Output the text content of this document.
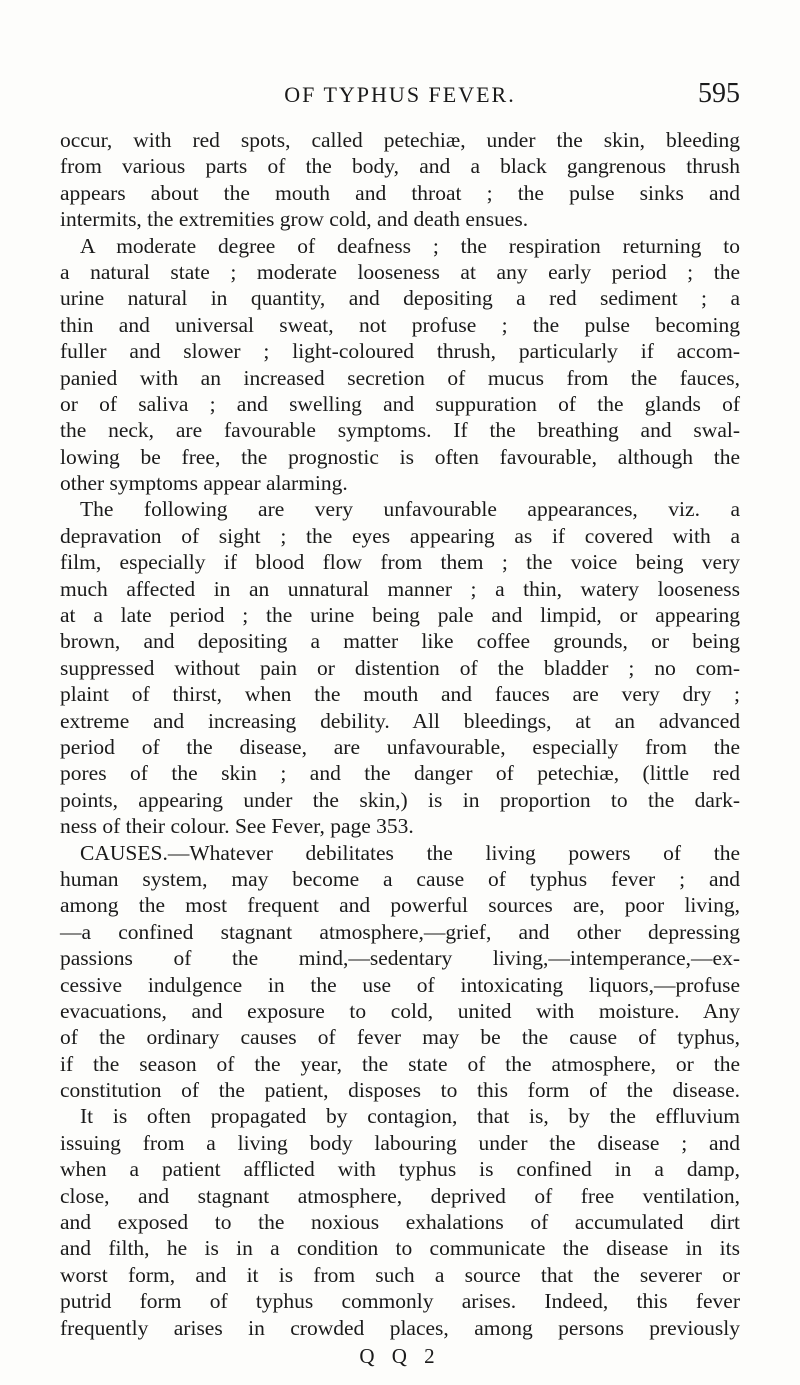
OF TYPHUS FEVER.	595
occur, with red spots, called petechiæ, under the skin, bleeding
from various parts of the body, and a black gangrenous thrush
appears about the mouth and throat ; the pulse sinks and
intermits, the extremities grow cold, and death ensues.
A moderate degree of deafness ; the respiration returning to
a natural state ; moderate looseness at any early period ; the
urine natural in quantity, and depositing a red sediment ; a
thin and universal sweat, not profuse ; the pulse becoming
fuller and slower ; light-coloured thrush, particularly if accom-
panied with an increased secretion of mucus from the fauces,
or of saliva ; and swelling and suppuration of the glands of
the neck, are favourable symptoms. If the breathing and swal-
lowing be free, the prognostic is often favourable, although the
other symptoms appear alarming.
The following are very unfavourable appearances, viz. a
depravation of sight ; the eyes appearing as if covered with a
film, especially if blood flow from them ; the voice being very
much affected in an unnatural manner ; a thin, watery looseness
at a late period ; the urine being pale and limpid, or appearing
brown, and depositing a matter like coffee grounds, or being
suppressed without pain or distention of the bladder ; no com-
plaint of thirst, when the mouth and fauces are very dry ;
extreme and increasing debility. All bleedings, at an advanced
period of the disease, are unfavourable, especially from the
pores of the skin ; and the danger of petechiæ, (little red
points, appearing under the skin,) is in proportion to the dark-
ness of their colour. See Fever, page 353.
CAUSES.—Whatever debilitates the living powers of the
human system, may become a cause of typhus fever ; and
among the most frequent and powerful sources are, poor living,
—a confined stagnant atmosphere,—grief, and other depressing
passions of the mind,—sedentary living,—intemperance,—ex-
cessive indulgence in the use of intoxicating liquors,—profuse
evacuations, and exposure to cold, united with moisture. Any
of the ordinary causes of fever may be the cause of typhus,
if the season of the year, the state of the atmosphere, or the
constitution of the patient, disposes to this form of the disease.
It is often propagated by contagion, that is, by the effluvium
issuing from a living body labouring under the disease ; and
when a patient afflicted with typhus is confined in a damp,
close, and stagnant atmosphere, deprived of free ventilation,
and exposed to the noxious exhalations of accumulated dirt
and filth, he is in a condition to communicate the disease in its
worst form, and it is from such a source that the severer or
putrid form of typhus commonly arises. Indeed, this fever
frequently arises in crowded places, among persons previously
Q Q 2
